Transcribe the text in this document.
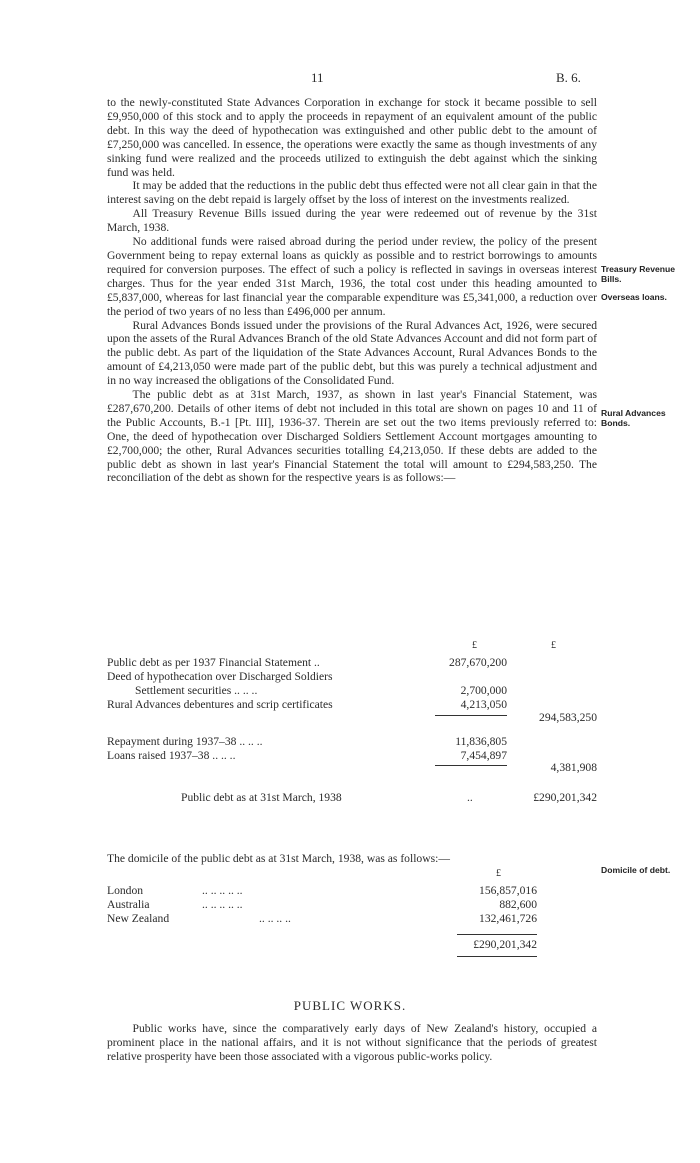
11	B. 6.

to the newly-constituted State Advances Corporation in exchange for stock it became possible to sell £9,950,000 of this stock and to apply the proceeds in repayment of an equivalent amount of the public debt. In this way the deed of hypothecation was extinguished and other public debt to the amount of £7,250,000 was cancelled. In essence, the operations were exactly the same as though investments of any sinking fund were realized and the proceeds utilized to extinguish the debt against which the sinking fund was held.

It may be added that the reductions in the public debt thus effected were not all clear gain in that the interest saving on the debt repaid is largely offset by the loss of interest on the investments realized.

All Treasury Revenue Bills issued during the year were redeemed out of revenue by the 31st March, 1938.

No additional funds were raised abroad during the period under review, the policy of the present Government being to repay external loans as quickly as possible and to restrict borrowings to amounts required for conversion purposes. The effect of such a policy is reflected in savings in overseas interest charges. Thus for the year ended 31st March, 1936, the total cost under this heading amounted to £5,837,000, whereas for last financial year the comparable expenditure was £5,341,000, a reduction over the period of two years of no less than £496,000 per annum.

Rural Advances Bonds issued under the provisions of the Rural Advances Act, 1926, were secured upon the assets of the Rural Advances Branch of the old State Advances Account and did not form part of the public debt. As part of the liquidation of the State Advances Account, Rural Advances Bonds to the amount of £4,213,050 were made part of the public debt, but this was purely a technical adjustment and in no way increased the obligations of the Consolidated Fund.

The public debt as at 31st March, 1937, as shown in last year's Financial Statement, was £287,670,200. Details of other items of debt not included in this total are shown on pages 10 and 11 of the Public Accounts, B.-1 [Pt. III], 1936-37. Therein are set out the two items previously referred to: One, the deed of hypothecation over Discharged Soldiers Settlement Account mortgages amounting to £2,700,000; the other, Rural Advances securities totalling £4,213,050. If these debts are added to the public debt as shown in last year's Financial Statement the total will amount to £294,583,250. The reconciliation of the debt as shown for the respective years is as follows:—

Treasury Revenue Bills.
Overseas loans.
Rural Advances Bonds.
Domicile of debt.
£	£
Public debt as per 1937 Financial Statement ..	287,670,200
Deed of hypothecation over Discharged Soldiers
Settlement securities .. .. ..	2,700,000
Rural Advances debentures and scrip certificates	4,213,050
294,583,250
Repayment during 1937–38 .. .. ..	11,836,805
Loans raised 1937–38 .. .. ..	7,454,897
4,381,908
Public debt as at 31st March, 1938	..	£290,201,342
The domicile of the public debt as at 31st March, 1938, was as follows:—
£
London	.. .. .. .. ..	156,857,016
Australia	.. .. .. .. ..	882,600
New Zealand	.. .. .. ..	132,461,726
£290,201,342
PUBLIC WORKS.
Public works have, since the comparatively early days of New Zealand's history, occupied a prominent place in the national affairs, and it is not without significance that the periods of greatest relative prosperity have been those associated with a vigorous public-works policy.
